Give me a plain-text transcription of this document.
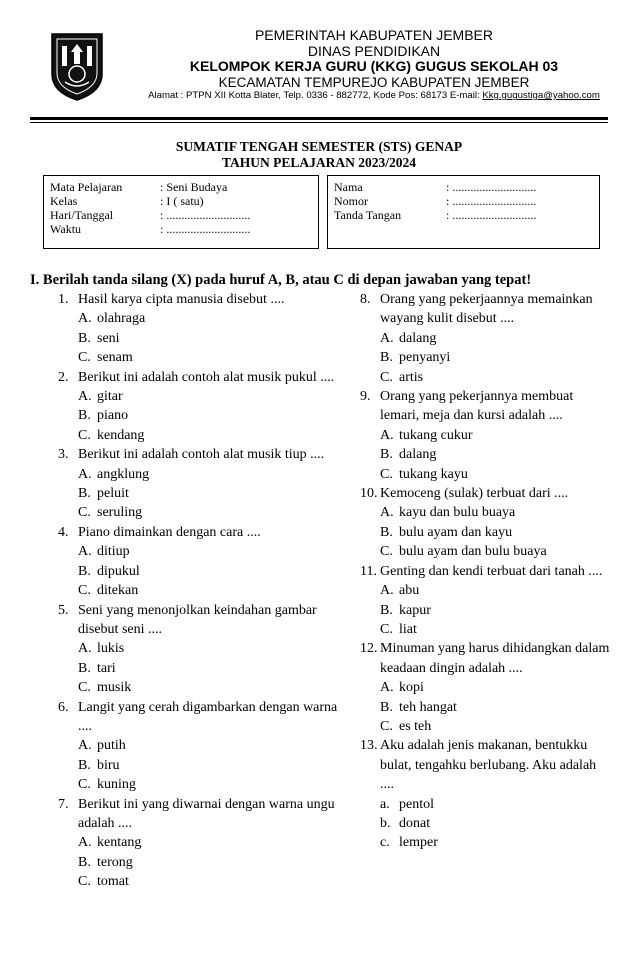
PEMERINTAH KABUPATEN JEMBER
DINAS PENDIDIKAN
KELOMPOK KERJA GURU (KKG) GUGUS SEKOLAH 03
KECAMATAN TEMPUREJO KABUPATEN JEMBER
Alamat : PTPN XII Kotta Blater, Telp. 0336 - 882772, Kode Pos: 68173 E-mail: Kkg.gugustiga@yahoo.com
SUMATIF TENGAH SEMESTER (STS) GENAP
TAHUN PELAJARAN 2023/2024
Mata Pelajaran	: Seni Budaya
Kelas	: I ( satu)
Hari/Tanggal	: ............................
Waktu	: ............................
Nama	: ............................
Nomor	: ............................
Tanda Tangan	: ............................
I. Berilah tanda silang (X) pada huruf A, B, atau C di depan jawaban yang tepat!
1. Hasil karya cipta manusia disebut ....
A. olahraga
B. seni
C. senam
2. Berikut ini adalah contoh alat musik pukul ....
A. gitar
B. piano
C. kendang
3. Berikut ini adalah contoh alat musik tiup ....
A. angklung
B. peluit
C. seruling
4. Piano dimainkan dengan cara ....
A. ditiup
B. dipukul
C. ditekan
5. Seni yang menonjolkan keindahan gambar disebut seni ....
A. lukis
B. tari
C. musik
6. Langit yang cerah digambarkan dengan warna ....
A. putih
B. biru
C. kuning
7. Berikut ini yang diwarnai dengan warna ungu adalah ....
A. kentang
B. terong
C. tomat
8. Orang yang pekerjaannya memainkan wayang kulit disebut ....
A. dalang
B. penyanyi
C. artis
9. Orang yang pekerjannya membuat lemari, meja dan kursi adalah ....
A. tukang cukur
B. dalang
C. tukang kayu
10. Kemoceng (sulak) terbuat dari ....
A. kayu dan bulu buaya
B. bulu ayam dan kayu
C. bulu ayam dan bulu buaya
11. Genting dan kendi terbuat dari tanah ....
A. abu
B. kapur
C. liat
12. Minuman yang harus dihidangkan dalam keadaan dingin adalah ....
A. kopi
B. teh hangat
C. es teh
13. Aku adalah jenis makanan, bentukku bulat, tengahku berlubang. Aku adalah ....
a. pentol
b. donat
c. lemper
